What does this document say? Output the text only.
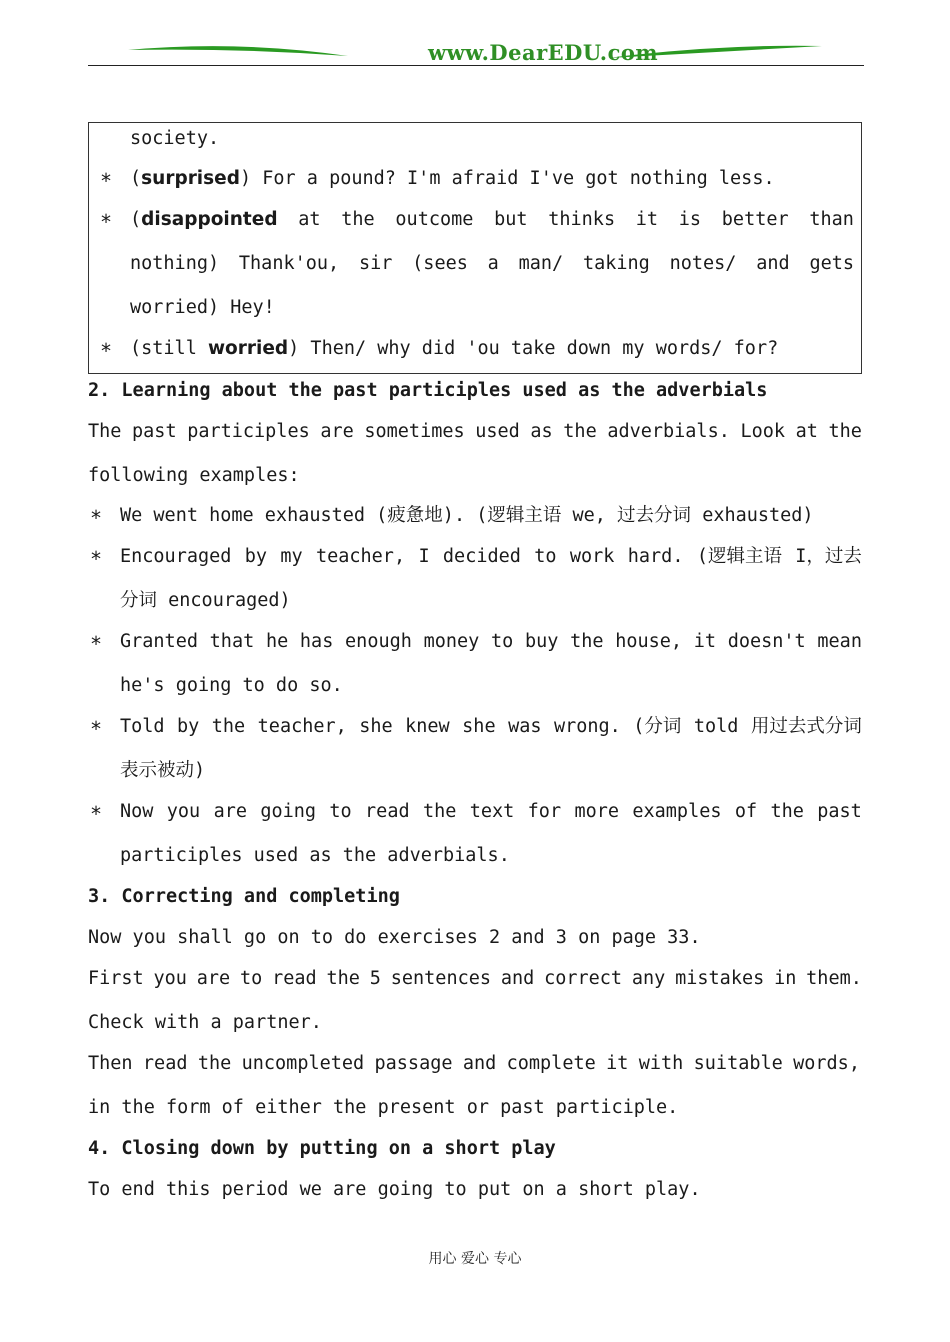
www.DearEDU.com
society.
* (surprised) For a pound? I'm afraid I've got nothing less.
* (disappointed at the outcome but thinks it is better than
nothing) Thank'ou, sir (sees a man/ taking notes/ and gets
worried) Hey!
* (still worried) Then/ why did 'ou take down my words/ for?
2. Learning about the past participles used as the adverbials
The past participles are sometimes used as the adverbials. Look at the
following examples:
* We went home exhausted (疲惫地). (逻辑主语 we, 过去分词 exhausted)
* Encouraged by my teacher, I decided to work hard. (逻辑主语 I，过去
分词 encouraged)
* Granted that he has enough money to buy the house, it doesn't mean
he's going to do so.
* Told by the teacher, she knew she was wrong. (分词 told 用过去式分词
表示被动)
* Now you are going to read the text for more examples of the past
participles used as the adverbials.
3. Correcting and completing
Now you shall go on to do exercises 2 and 3 on page 33.
First you are to read the 5 sentences and correct any mistakes in them.
Check with a partner.
Then read the uncompleted passage and complete it with suitable words,
in the form of either the present or past participle.
4. Closing down by putting on a short play
To end this period we are going to put on a short play.
用心 爱心 专心
